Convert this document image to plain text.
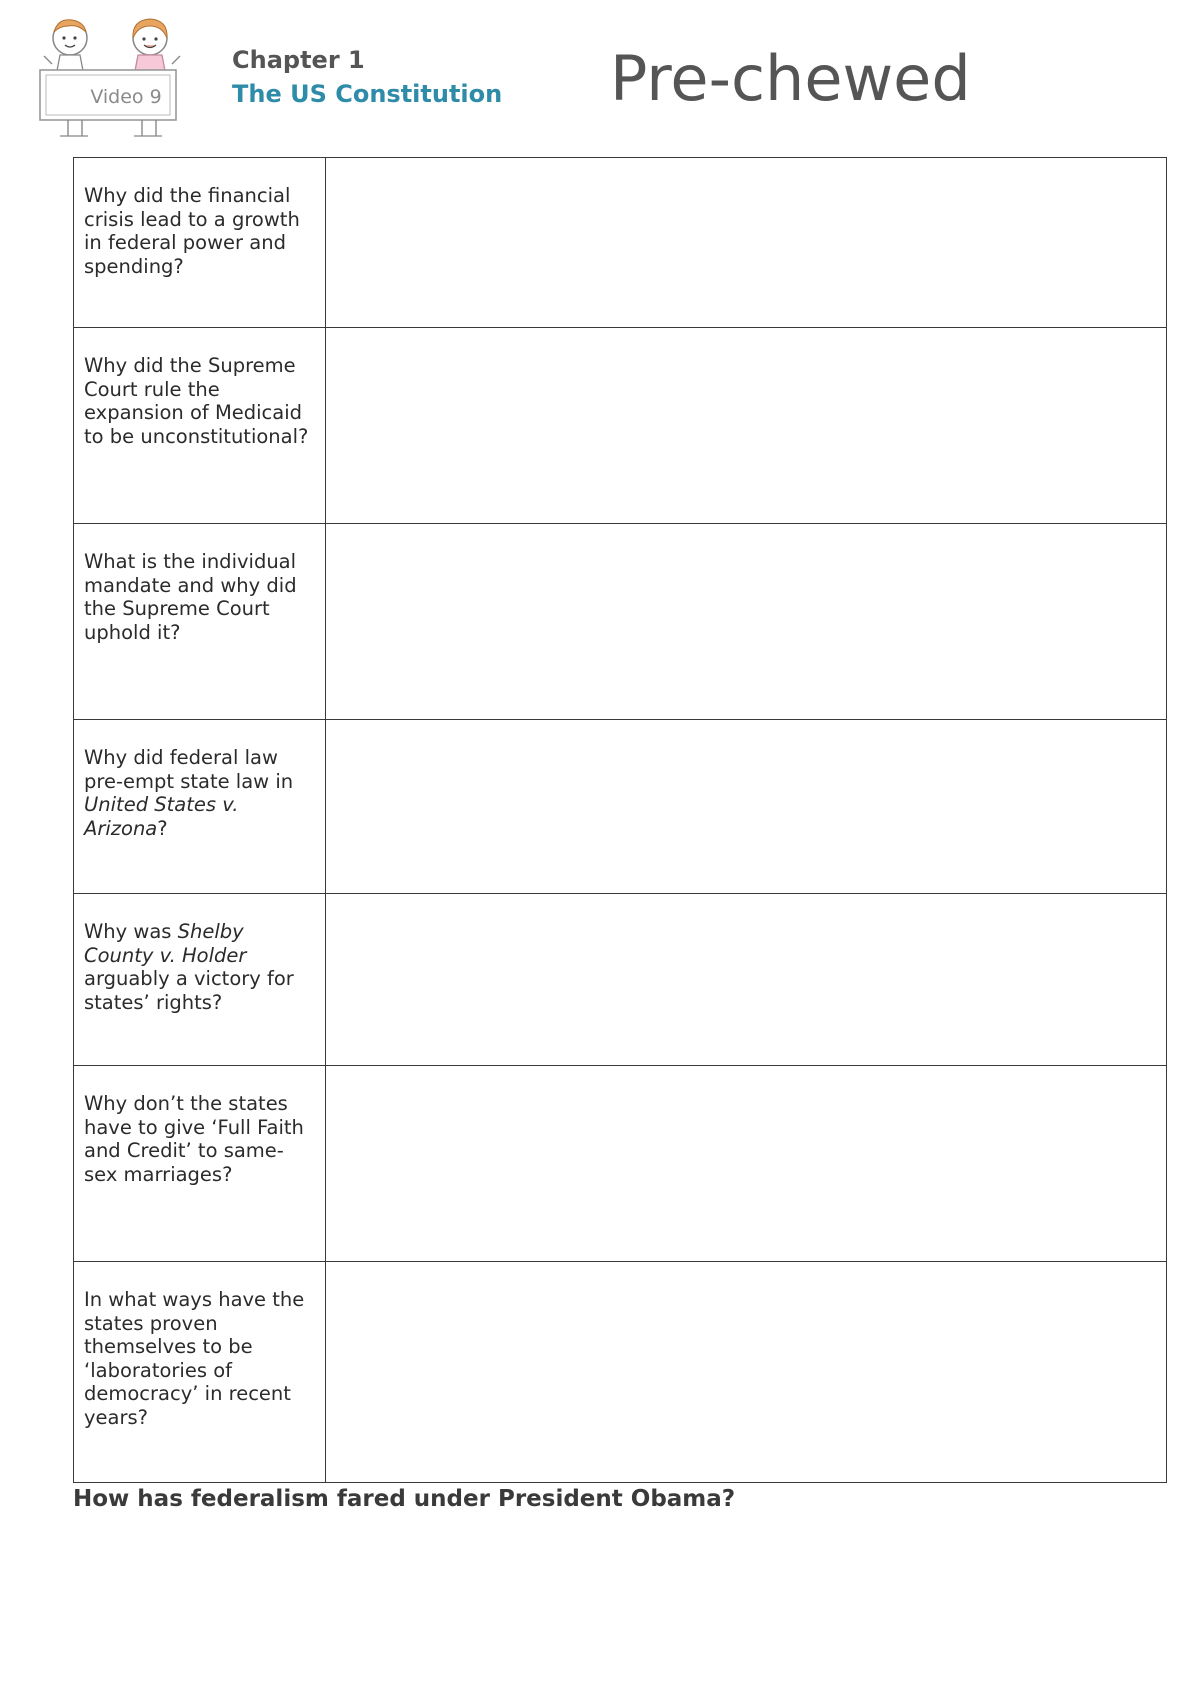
Video 9
Chapter 1
The US Constitution Pre-chewed
Why did the financial crisis lead to a growth in federal power and spending?	
Why did the Supreme Court rule the expansion of Medicaid to be unconstitutional?	
What is the individual mandate and why did the Supreme Court uphold it?	
Why did federal law pre-empt state law in United States v. Arizona?	
Why was Shelby County v. Holder arguably a victory for states’ rights?	
Why don’t the states have to give ‘Full Faith and Credit’ to same-sex marriages?	
In what ways have the states proven themselves to be ‘laboratories of democracy’ in recent years?	
How has federalism fared under President Obama?
